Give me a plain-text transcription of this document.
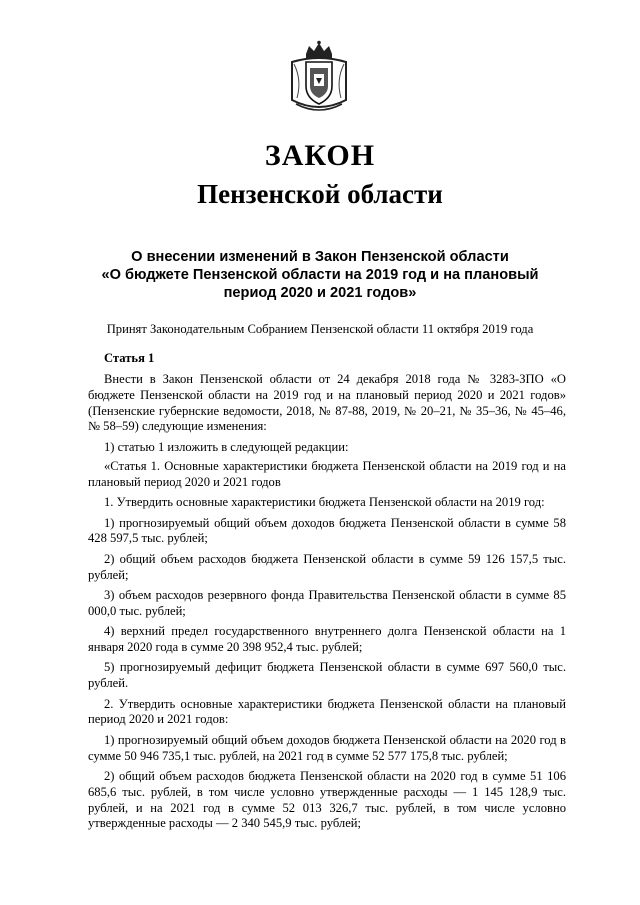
ЗАКОН
Пензенской области
О внесении изменений в Закон Пензенской области
«О бюджете Пензенской области на 2019 год и на плановый
период 2020 и 2021 годов»
Принят Законодательным Собранием Пензенской области 11 октября 2019 года
Статья 1

Внести в Закон Пензенской области от 24 декабря 2018 года № 3283-ЗПО «О бюджете Пензенской области на 2019 год и на плановый период 2020 и 2021 годов» (Пензенские губернские ведомости, 2018, № 87-88, 2019, № 20–21, № 35–36, № 45–46, № 58–59) следующие изменения:

1) статью 1 изложить в следующей редакции:

«Статья 1. Основные характеристики бюджета Пензенской области на 2019 год и на плановый период 2020 и 2021 годов

1. Утвердить основные характеристики бюджета Пензенской области на 2019 год:

1) прогнозируемый общий объем доходов бюджета Пензенской области в сумме 58 428 597,5 тыс. рублей;

2) общий объем расходов бюджета Пензенской области в сумме 59 126 157,5 тыс. рублей;

3) объем расходов резервного фонда Правительства Пензенской области в сумме 85 000,0 тыс. рублей;

4) верхний предел государственного внутреннего долга Пензенской области на 1 января 2020 года в сумме 20 398 952,4 тыс. рублей;

5) прогнозируемый дефицит бюджета Пензенской области в сумме 697 560,0 тыс. рублей.

2. Утвердить основные характеристики бюджета Пензенской области на плановый период 2020 и 2021 годов:

1) прогнозируемый общий объем доходов бюджета Пензенской области на 2020 год в сумме 50 946 735,1 тыс. рублей, на 2021 год в сумме 52 577 175,8 тыс. рублей;

2) общий объем расходов бюджета Пензенской области на 2020 год в сумме 51 106 685,6 тыс. рублей, в том числе условно утвержденные расходы — 1 145 128,9 тыс. рублей, и на 2021 год в сумме 52 013 326,7 тыс. рублей, в том числе условно утвержденные расходы — 2 340 545,9 тыс. рублей;
